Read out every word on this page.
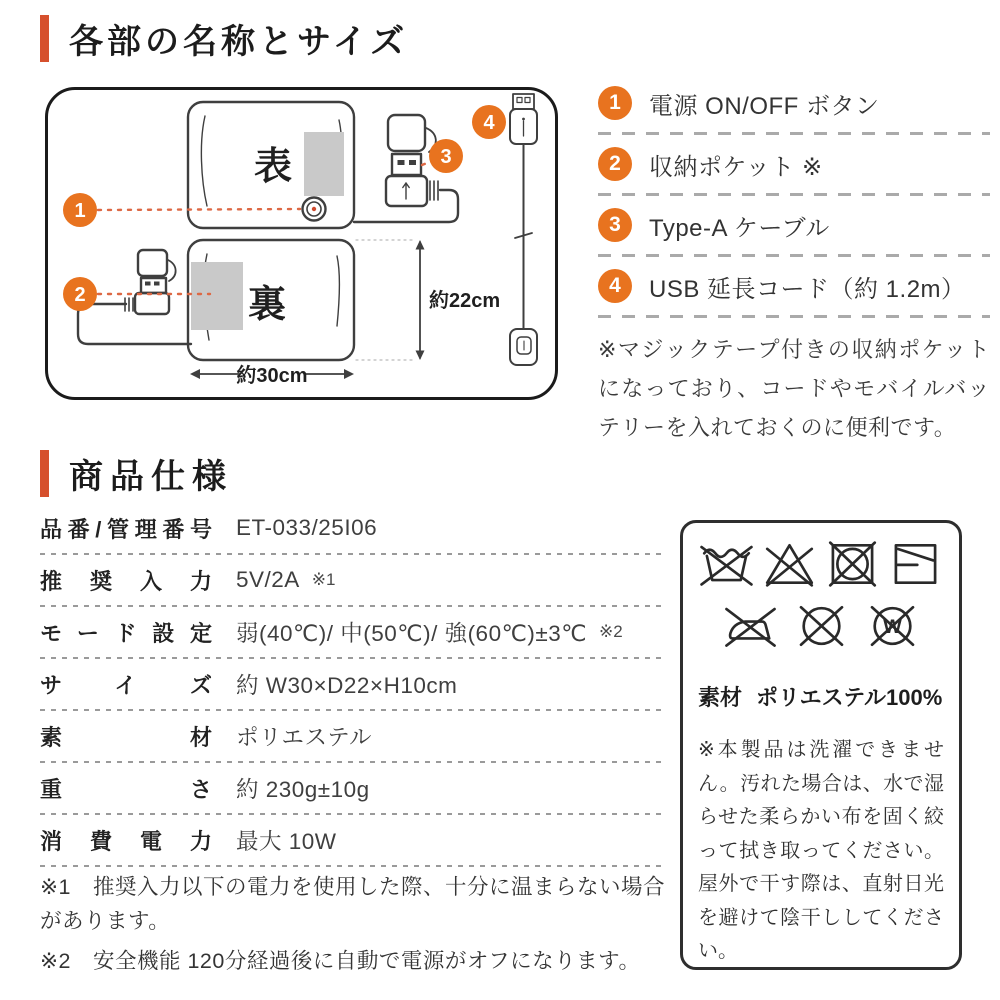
各部の名称とサイズ
1
2
3
4
表
裏	約22cm
約30cm
1	電源 ON/OFF ボタン
2	収納ポケット ※
3	Type-A ケーブル
4	USB 延長コード（約 1.2m）
※マジックテープ付きの収納ポケットになっており、コードやモバイルバッテリーを入れておくのに便利です。
商品仕様
品番/管理番号 ET-033/25I06
推奨入力 5V/2A ※1
モード設定 弱(40℃)/ 中(50℃)/ 強(60℃)±3℃ ※2
サイズ 約 W30×D22×H10cm
素材 ポリエステル
重さ 約 230g±10g
消費電力 最大 10W
※1　推奨入力以下の電力を使用した際、十分に温まらない場合があります。
※2　安全機能 120分経過後に自動で電源がオフになります。
W
素材 ポリエステル100%
※本製品は洗濯できません。汚れた場合は、水で湿らせた柔らかい布を固く絞って拭き取ってください。屋外で干す際は、直射日光を避けて陰干ししてください。
